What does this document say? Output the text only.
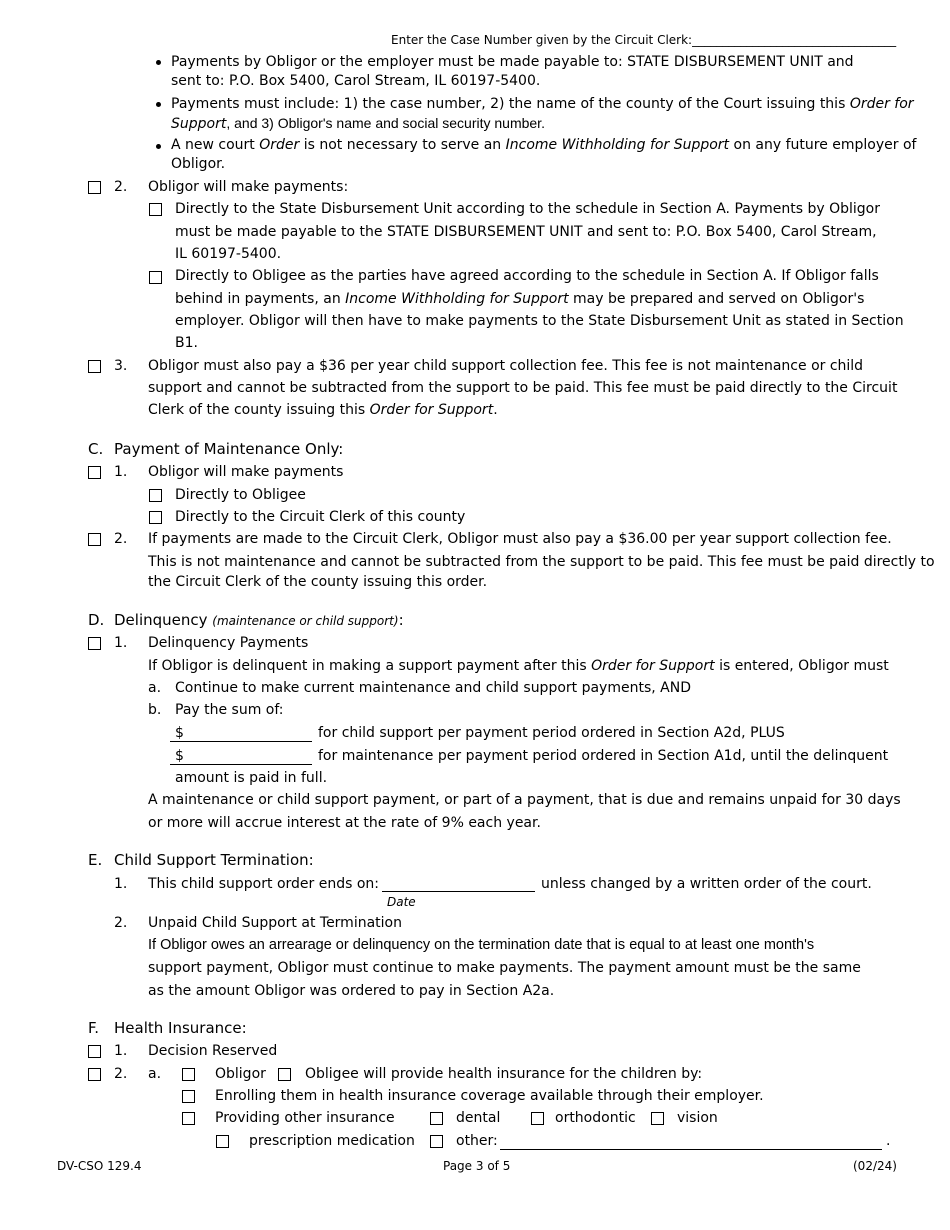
Enter the Case Number given by the Circuit Clerk:__________________________________
Payments by Obligor or the employer must be made payable to: STATE DISBURSEMENT UNIT and
sent to: P.O. Box 5400, Carol Stream, IL 60197-5400.
Payments must include: 1) the case number, 2) the name of the county of the Court issuing this Order for
Support, and 3) Obligor's name and social security number.
A new court Order is not necessary to serve an Income Withholding for Support on any future employer of
Obligor.
2. Obligor will make payments:
Directly to the State Disbursement Unit according to the schedule in Section A. Payments by Obligor
must be made payable to the STATE DISBURSEMENT UNIT and sent to: P.O. Box 5400, Carol Stream,
IL 60197-5400.
Directly to Obligee as the parties have agreed according to the schedule in Section A. If Obligor falls
behind in payments, an Income Withholding for Support may be prepared and served on Obligor's
employer. Obligor will then have to make payments to the State Disbursement Unit as stated in Section
B1.
3. Obligor must also pay a $36 per year child support collection fee. This fee is not maintenance or child
support and cannot be subtracted from the support to be paid. This fee must be paid directly to the Circuit
Clerk of the county issuing this Order for Support.
C. Payment of Maintenance Only:
1. Obligor will make payments
Directly to Obligee
Directly to the Circuit Clerk of this county
2. If payments are made to the Circuit Clerk, Obligor must also pay a $36.00 per year support collection fee.
This is not maintenance and cannot be subtracted from the support to be paid. This fee must be paid directly to
the Circuit Clerk of the county issuing this order.
D. Delinquency (maintenance or child support):
1. Delinquency Payments
If Obligor is delinquent in making a support payment after this Order for Support is entered, Obligor must
a. Continue to make current maintenance and child support payments, AND
b. Pay the sum of:
$	for child support per payment period ordered in Section A2d, PLUS
$	for maintenance per payment period ordered in Section A1d, until the delinquent
amount is paid in full.
A maintenance or child support payment, or part of a payment, that is due and remains unpaid for 30 days
or more will accrue interest at the rate of 9% each year.
E. Child Support Termination:
1. This child support order ends on:	unless changed by a written order of the court.
Date
2. Unpaid Child Support at Termination
If Obligor owes an arrearage or delinquency on the termination date that is equal to at least one month's
support payment, Obligor must continue to make payments. The payment amount must be the same
as the amount Obligor was ordered to pay in Section A2a.
F. Health Insurance:
1. Decision Reserved
2. a.	Obligor	Obligee will provide health insurance for the children by:
Enrolling them in health insurance coverage available through their employer.
Providing other insurance	dental	orthodontic	vision
prescription medication	other:	.
DV-CSO 129.4	Page 3 of 5	(02/24)
